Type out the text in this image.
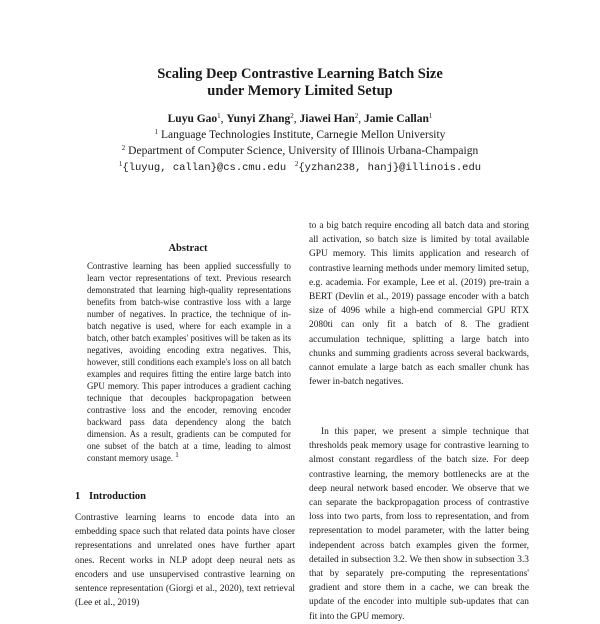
Scaling Deep Contrastive Learning Batch Size
under Memory Limited Setup
Luyu Gao$^1$, Yunyi Zhang$^2$, Jiawei Han$^2$, Jamie Callan$^1$
$^1$ Language Technologies Institute, Carnegie Mellon University
$^2$ Department of Computer Science, University of Illinois Urbana-Champaign
$^1${luyug, callan}@cs.cmu.edu $^2${yzhan238, hanj}@illinois.edu
Abstract

Contrastive learning has been applied successfully to learn vector representations of text. Previous research demonstrated that learning high-quality representations benefits from batch-wise contrastive loss with a large number of negatives. In practice, the technique of in-batch negative is used, where for each example in a batch, other batch examples' positives will be taken as its negatives, avoiding encoding extra negatives. This, however, still conditions each example's loss on all batch examples and requires fitting the entire large batch into GPU memory. This paper introduces a gradient caching technique that decouples backpropagation between contrastive loss and the encoder, removing encoder backward pass data dependency along the batch dimension. As a result, gradients can be computed for one subset of the batch at a time, leading to almost constant memory usage. $^1$

1 Introduction

Contrastive learning learns to encode data into an embedding space such that related data points have closer representations and unrelated ones have further apart ones. Recent works in NLP adopt deep neural nets as encoders and use unsupervised contrastive learning on sentence representation (Giorgi et al., 2020), text retrieval (Lee et al., 2019)

to a big batch require encoding all batch data and storing all activation, so batch size is limited by total available GPU memory. This limits application and research of contrastive learning methods under memory limited setup, e.g. academia. For example, Lee et al. (2019) pre-train a BERT (Devlin et al., 2019) passage encoder with a batch size of 4096 while a high-end commercial GPU RTX 2080ti can only fit a batch of 8. The gradient accumulation technique, splitting a large batch into chunks and summing gradients across several backwards, cannot emulate a large batch as each smaller chunk has fewer in-batch negatives.

In this paper, we present a simple technique that thresholds peak memory usage for contrastive learning to almost constant regardless of the batch size. For deep contrastive learning, the memory bottlenecks are at the deep neural network based encoder. We observe that we can separate the backpropagation process of contrastive loss into two parts, from loss to representation, and from representation to model parameter, with the latter being independent across batch examples given the former, detailed in subsection 3.2. We then show in subsection 3.3 that by separately pre-computing the representations' gradient and store them in a cache, we can break the update of the encoder into multiple sub-updates that can fit into the GPU memory.
